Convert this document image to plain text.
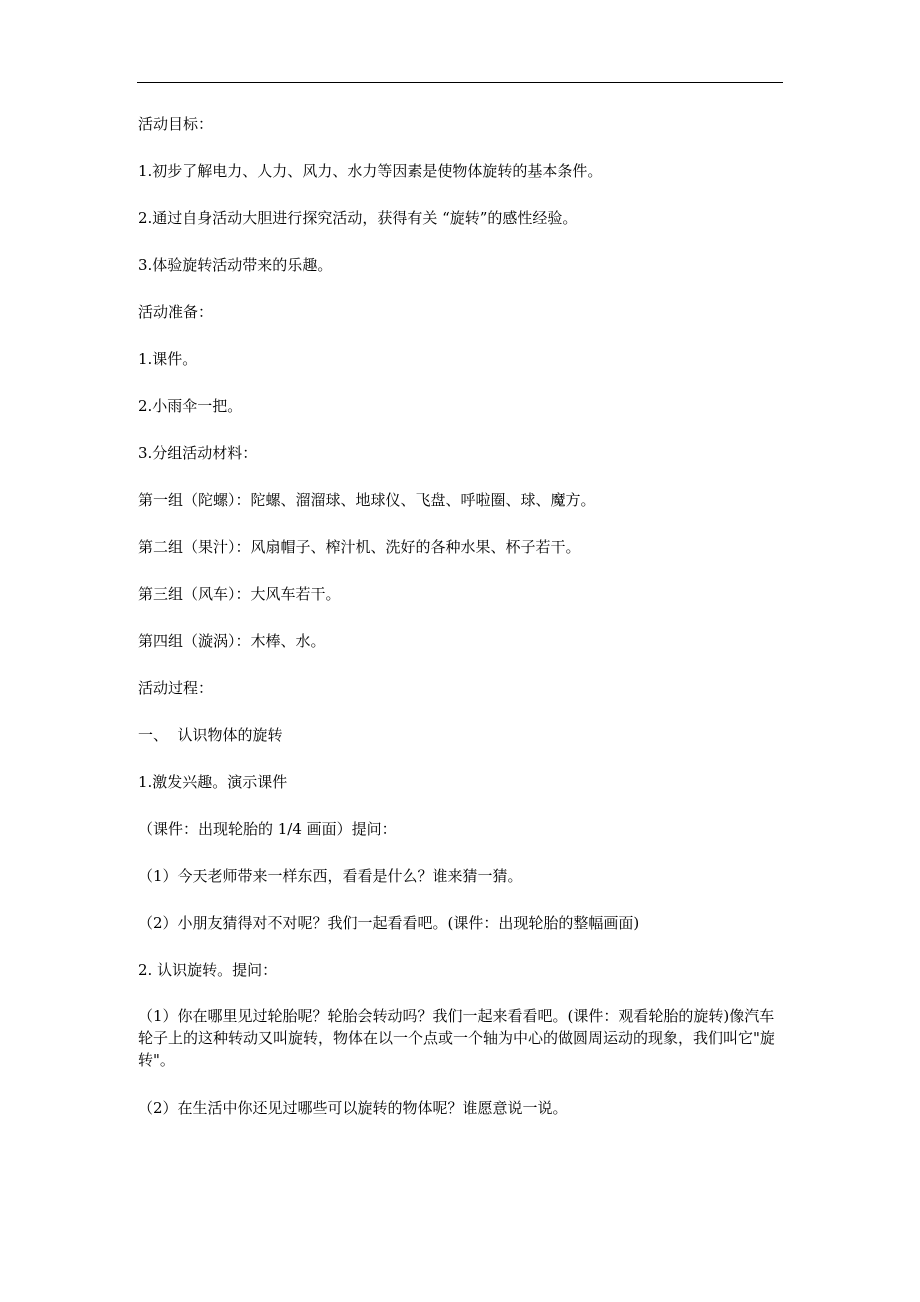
活动目标：

1.初步了解电力、人力、风力、水力等因素是使物体旋转的基本条件。

2.通过自身活动大胆进行探究活动，获得有关 “旋转”的感性经验。

3.体验旋转活动带来的乐趣。

活动准备：

1.课件。

2.小雨伞一把。

3.分组活动材料：

第一组（陀螺）：陀螺、溜溜球、地球仪、飞盘、呼啦圈、球、魔方。

第二组（果汁）：风扇帽子、榨汁机、洗好的各种水果、杯子若干。

第三组（风车）：大风车若干。

第四组（漩涡）：木棒、水。

活动过程：

一、  认识物体的旋转

1.激发兴趣。演示课件

（课件：出现轮胎的 1/4 画面）提问：

（1）今天老师带来一样东西，看看是什么？谁来猜一猜。

（2）小朋友猜得对不对呢？我们一起看看吧。(课件：出现轮胎的整幅画面)

2. 认识旋转。提问：

（1）你在哪里见过轮胎呢？轮胎会转动吗？我们一起来看看吧。(课件：观看轮胎的旋转)像汽车轮子上的这种转动又叫旋转，物体在以一个点或一个轴为中心的做圆周运动的现象，我们叫它"旋转"。

（2）在生活中你还见过哪些可以旋转的物体呢？谁愿意说一说。
